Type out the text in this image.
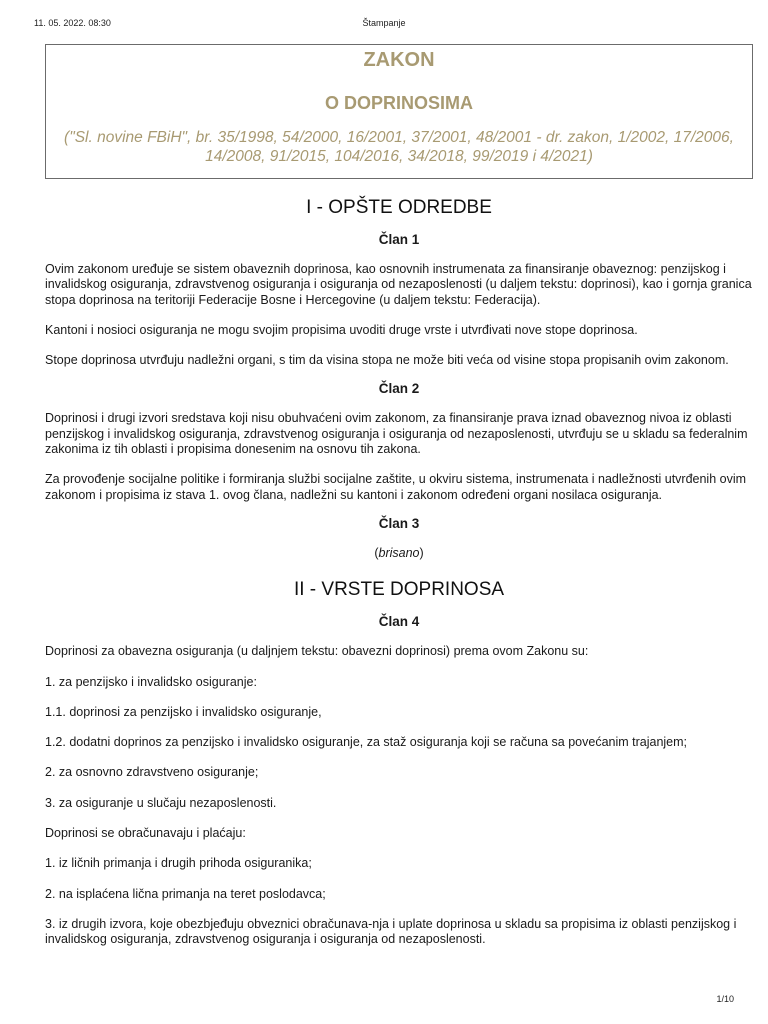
11. 05. 2022. 08:30	Štampanje
ZAKON
O DOPRINOSIMA
("Sl. novine FBiH", br. 35/1998, 54/2000, 16/2001, 37/2001, 48/2001 - dr. zakon, 1/2002, 17/2006, 14/2008, 91/2015, 104/2016, 34/2018, 99/2019 i 4/2021)
I - OPŠTE ODREDBE
Član 1

Ovim zakonom uređuje se sistem obaveznih doprinosa, kao osnovnih instrumenata za finansiranje obaveznog: penzijskog i invalidskog osiguranja, zdravstvenog osiguranja i osiguranja od nezaposlenosti (u daljem tekstu: doprinosi), kao i gornja granica stopa doprinosa na teritoriji Federacije Bosne i Hercegovine (u daljem tekstu: Federacija).

Kantoni i nosioci osiguranja ne mogu svojim propisima uvoditi druge vrste i utvrđivati nove stope doprinosa.

Stope doprinosa utvrđuju nadležni organi, s tim da visina stopa ne može biti veća od visine stopa propisanih ovim zakonom.

Član 2

Doprinosi i drugi izvori sredstava koji nisu obuhvaćeni ovim zakonom, za finansiranje prava iznad obaveznog nivoa iz oblasti penzijskog i invalidskog osiguranja, zdravstvenog osiguranja i osiguranja od nezaposlenosti, utvrđuju se u skladu sa federalnim zakonima iz tih oblasti i propisima donesenim na osnovu tih zakona.

Za provođenje socijalne politike i formiranja službi socijalne zaštite, u okviru sistema, instrumenata i nadležnosti utvrđenih ovim zakonom i propisima iz stava 1. ovog člana, nadležni su kantoni i zakonom određeni organi nosilaca osiguranja.

Član 3

(brisano)

II - VRSTE DOPRINOSA
Član 4

Doprinosi za obavezna osiguranja (u daljnjem tekstu: obavezni doprinosi) prema ovom Zakonu su:

1. za penzijsko i invalidsko osiguranje:

1.1. doprinosi za penzijsko i invalidsko osiguranje,

1.2. dodatni doprinos za penzijsko i invalidsko osiguranje, za staž osiguranja koji se računa sa povećanim trajanjem;

2. za osnovno zdravstveno osiguranje;

3. za osiguranje u slučaju nezaposlenosti.

Doprinosi se obračunavaju i plaćaju:

1. iz ličnih primanja i drugih prihoda osiguranika;

2. na isplaćena lična primanja na teret poslodavca;

3. iz drugih izvora, koje obezbjeđuju obveznici obračunava-nja i uplate doprinosa u skladu sa propisima iz oblasti penzijskog i invalidskog osiguranja, zdravstvenog osiguranja i osiguranja od nezaposlenosti.

1/10
